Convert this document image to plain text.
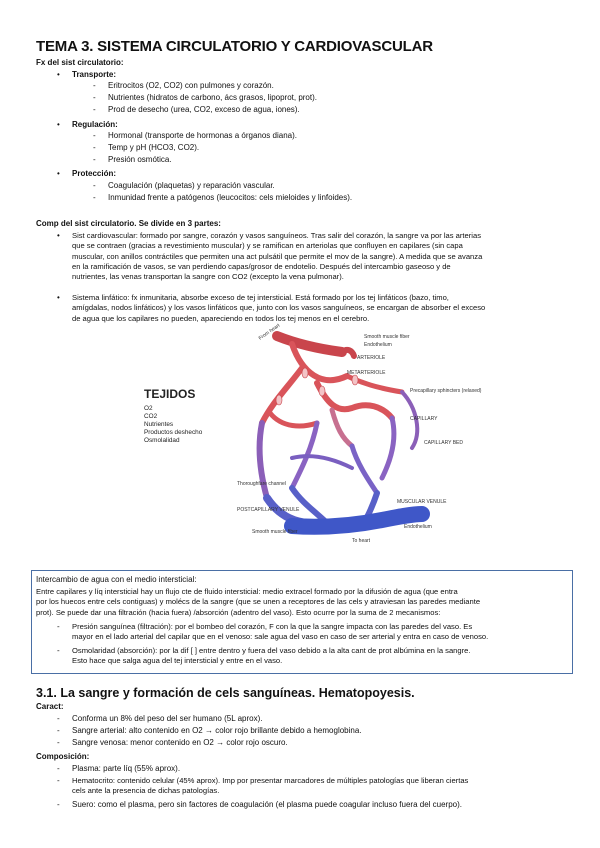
TEMA 3. SISTEMA CIRCULATORIO Y CARDIOVASCULAR
Fx del sist circulatorio:
• Transporte:
- Eritrocitos (O2, CO2) con pulmones y corazón.
- Nutrientes (hidratos de carbono, ács grasos, lipoprot, prot).
- Prod de desecho (urea, CO2, exceso de agua, iones).
• Regulación:
- Hormonal (transporte de hormonas a órganos diana).
- Temp y pH (HCO3, CO2).
- Presión osmótica.
• Protección:
- Coagulación (plaquetas) y reparación vascular.
- Inmunidad frente a patógenos (leucocitos: cels mieloides y linfoides).
Comp del sist circulatorio. Se divide en 3 partes:
• Sist cardiovascular: formado por sangre, corazón y vasos sanguíneos. Tras salir del corazón, la sangre va por las arterias
que se contraen (gracias a revestimiento muscular) y se ramifican en arteriolas que confluyen en capilares (sin capa
muscular, con anillos contráctiles que permiten una act pulsátil que permite el mov de la sangre). A medida que se avanza
en la ramificación de vasos, se van perdiendo capas/grosor de endotelio. Después del intercambio gaseoso y de
nutrientes, las venas transportan la sangre con CO2 (excepto la vena pulmonar).
• Sistema linfático: fx inmunitaria, absorbe exceso de tej intersticial. Está formado por los tej linfáticos (bazo, timo,
amígdalas, nodos linfáticos) y los vasos linfáticos que, junto con los vasos sanguíneos, se encargan de absorber el exceso
de agua que los capilares no pueden, apareciendo en todos los tej menos en el cerebro.
TEJIDOS
O2
CO2
Nutrientes
Productos deshecho
Osmolalidad
From heart	Smooth muscle fiber
Endothelium
ARTERIOLE
METARTERIOLE
Precapillary sphincters (relaxed)
CAPILLARY
CAPILLARY BED
Thoroughfare channel
POSTCAPILLARY VENULE
MUSCULAR VENULE
Endothelium
Smooth muscle fiber
To heart
Intercambio de agua con el medio intersticial:
Entre capilares y líq intersticial hay un flujo cte de fluido intersticial: medio extracel formado por la difusión de agua (que entra
por los huecos entre cels contiguas) y molécs de la sangre (que se unen a receptores de las cels y atraviesan las paredes mediante
prot). Se puede dar una filtración (hacia fuera) /absorción (adentro del vaso). Esto ocurre por la suma de 2 mecanismos:
- Presión sanguínea (filtración): por el bombeo del corazón, F con la que la sangre impacta con las paredes del vaso. Es
mayor en el lado arterial del capilar que en el venoso: sale agua del vaso en caso de ser arterial y entra en caso de venoso.
- Osmolaridad (absorción): por la dif [ ] entre dentro y fuera del vaso debido a la alta cant de prot albúmina en la sangre.
Esto hace que salga agua del tej intersticial y entre en el vaso.
3.1. La sangre y formación de cels sanguíneas. Hematopoyesis.
Caract:
- Conforma un 8% del peso del ser humano (5L aprox).
- Sangre arterial: alto contenido en O2 → color rojo brillante debido a hemoglobina.
- Sangre venosa: menor contenido en O2 → color rojo oscuro.
Composición:
- Plasma: parte líq (55% aprox).
- Hematocrito: contenido celular (45% aprox). Imp por presentar marcadores de múltiples patologías que liberan ciertas
cels ante la presencia de dichas patologías.
- Suero: como el plasma, pero sin factores de coagulación (el plasma puede coagular incluso fuera del cuerpo).
